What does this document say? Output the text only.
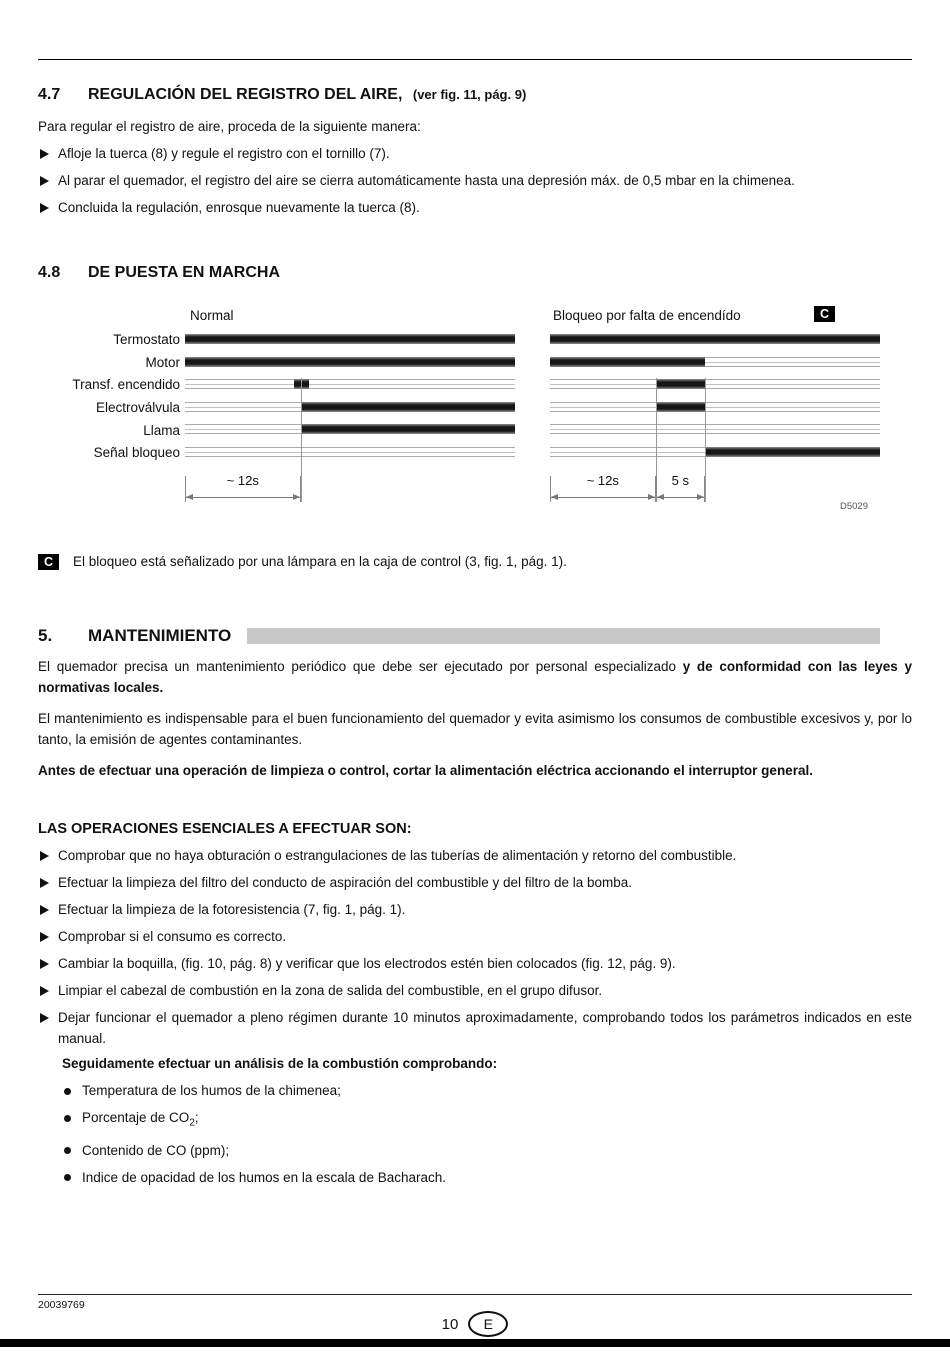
4.7	REGULACIÓN DEL REGISTRO DEL AIRE, (ver fig. 11, pág. 9)

Para regular el registro de aire, proceda de la siguiente manera:

Afloje la tuerca (8) y regule el registro con el tornillo (7).
Al parar el quemador, el registro del aire se cierra automáticamente hasta una depresión máx. de 0,5 mbar en la chimenea.
Concluida la regulación, enrosque nuevamente la tuerca (8).
4.8	DE PUESTA EN MARCHA
Normal	Bloqueo por falta de encendído	C
Termostato
Motor
Transf. encendido
Electroválvula
Llama
Señal bloqueo
~ 12s	~ 12s	5 s
D5029
C	El bloqueo está señalizado por una lámpara en la caja de control (3, fig. 1, pág. 1).
5.	MANTENIMIENTO

El quemador precisa un mantenimiento periódico que debe ser ejecutado por personal especializado y de conformidad con las leyes y normativas locales.

El mantenimiento es indispensable para el buen funcionamiento del quemador y evita asimismo los consumos de combustible excesivos y, por lo tanto, la emisión de agentes contaminantes.

Antes de efectuar una operación de limpieza o control, cortar la alimentación eléctrica accionando el interruptor general.

LAS OPERACIONES ESENCIALES A EFECTUAR SON:
Comprobar que no haya obturación o estrangulaciones de las tuberías de alimentación y retorno del combustible.
Efectuar la limpieza del filtro del conducto de aspiración del combustible y del filtro de la bomba.
Efectuar la limpieza de la fotoresistencia (7, fig. 1, pág. 1).
Comprobar si el consumo es correcto.
Cambiar la boquilla, (fig. 10, pág. 8) y verificar que los electrodos estén bien colocados (fig. 12, pág. 9).
Limpiar el cabezal de combustión en la zona de salida del combustible, en el grupo difusor.
Dejar funcionar el quemador a pleno régimen durante 10 minutos aproximadamente, comprobando todos los parámetros indicados en este manual.
Seguidamente efectuar un análisis de la combustión comprobando:
Temperatura de los humos de la chimenea;
Porcentaje de $CO_2$;
Contenido de CO (ppm);
Indice de opacidad de los humos en la escala de Bacharach.
20039769
10 E
